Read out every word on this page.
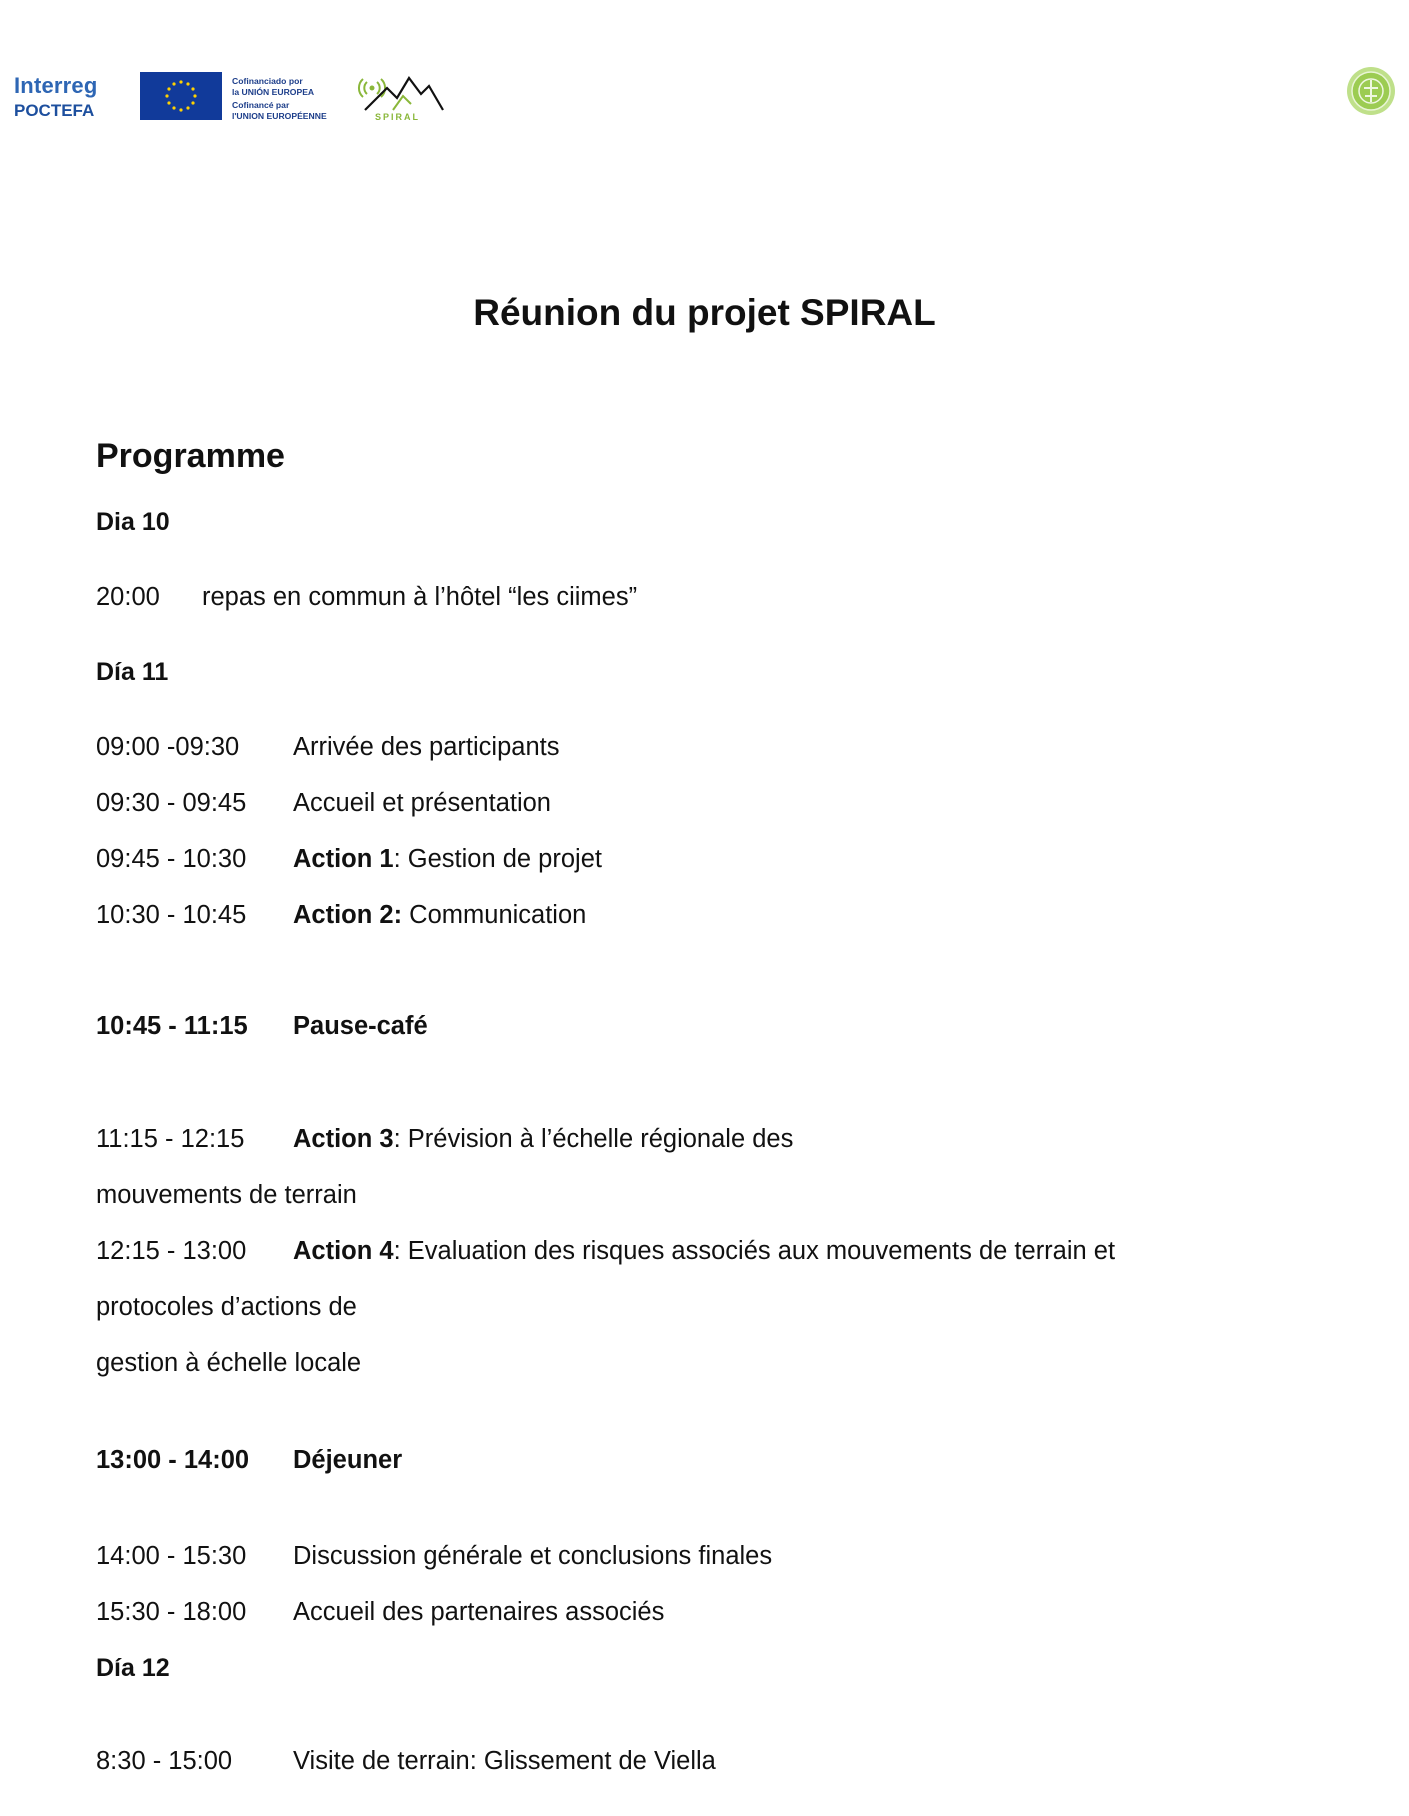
Interreg
POCTEFA
Cofinanciado por
la UNIÓN EUROPEA
Cofinancé par
l'UNION EUROPÉENNE	SPIRAL
Réunion du projet SPIRAL
Programme
Dia 10
20:00 repas en commun à l’hôtel “les ciimes”
Día 11
09:00 -09:30 Arrivée des participants
09:30 - 09:45 Accueil et présentation
09:45 - 10:30 Action 1: Gestion de projet
10:30 - 10:45 Action 2: Communication
10:45 - 11:15 Pause-café
11:15 - 12:15 Action 3: Prévision à l’échelle régionale des
mouvements de terrain
12:15 - 13:00 Action 4: Evaluation des risques associés aux mouvements de terrain et
protocoles d’actions de
gestion à échelle locale
13:00 - 14:00 Déjeuner
14:00 - 15:30 Discussion générale et conclusions finales
15:30 - 18:00 Accueil des partenaires associés
Día 12
8:30 - 15:00 Visite de terrain: Glissement de Viella
